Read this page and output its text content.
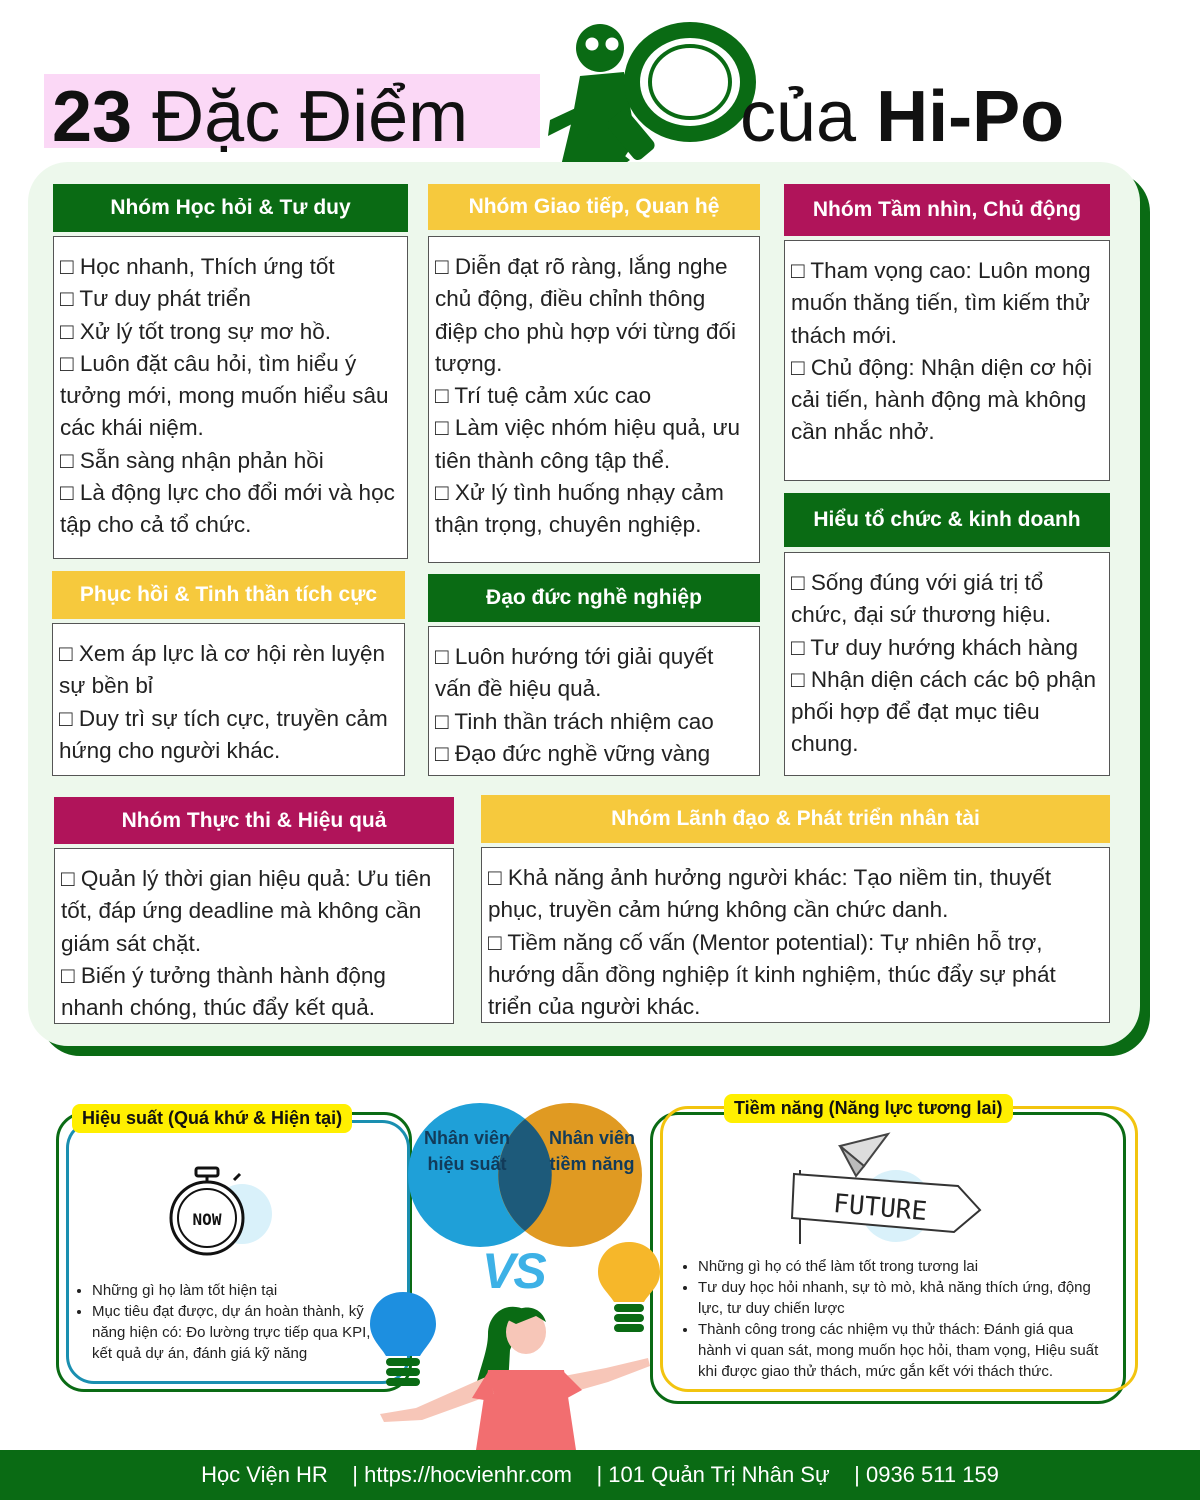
23 Đặc Điểm	của Hi-Po
Nhóm Học hỏi & Tư duy
□ Học nhanh, Thích ứng tốt
□ Tư duy phát triển
□ Xử lý tốt trong sự mơ hồ.
□ Luôn đặt câu hỏi, tìm hiểu ý tưởng mới, mong muốn hiểu sâu các khái niệm.
□ Sẵn sàng nhận phản hồi
□ Là động lực cho đổi mới và học tập cho cả tổ chức.
Nhóm Giao tiếp, Quan hệ
□ Diễn đạt rõ ràng, lắng nghe chủ động, điều chỉnh thông điệp cho phù hợp với từng đối tượng.
□ Trí tuệ cảm xúc cao
□ Làm việc nhóm hiệu quả, ưu tiên thành công tập thể.
□ Xử lý tình huống nhạy cảm thận trọng, chuyên nghiệp.
Nhóm Tầm nhìn, Chủ động
□ Tham vọng cao: Luôn mong muốn thăng tiến, tìm kiếm thử thách mới.
□ Chủ động: Nhận diện cơ hội cải tiến, hành động mà không cần nhắc nhở.
Phục hồi & Tinh thần tích cực
□ Xem áp lực là cơ hội rèn luyện sự bền bỉ
□ Duy trì sự tích cực, truyền cảm hứng cho người khác.
Đạo đức nghề nghiệp
□ Luôn hướng tới giải quyết vấn đề hiệu quả.
□ Tinh thần trách nhiệm cao
□ Đạo đức nghề vững vàng
Hiểu tổ chức & kinh doanh
□ Sống đúng với giá trị tổ chức, đại sứ thương hiệu.
□ Tư duy hướng khách hàng
□ Nhận diện cách các bộ phận phối hợp để đạt mục tiêu chung.
Nhóm Thực thi & Hiệu quả
□ Quản lý thời gian hiệu quả: Ưu tiên tốt, đáp ứng deadline mà không cần giám sát chặt.
□ Biến ý tưởng thành hành động nhanh chóng, thúc đẩy kết quả.
Nhóm Lãnh đạo & Phát triển nhân tài
□ Khả năng ảnh hưởng người khác: Tạo niềm tin, thuyết phục, truyền cảm hứng không cần chức danh.
□ Tiềm năng cố vấn (Mentor potential): Tự nhiên hỗ trợ, hướng dẫn đồng nghiệp ít kinh nghiệm, thúc đẩy sự phát triển của người khác.
Hiệu suất (Quá khứ & Hiện tại)
NOW
• Những gì họ làm tốt hiện tại
• Mục tiêu đạt được, dự án hoàn thành, kỹ năng hiện có: Đo lường trực tiếp qua KPI, kết quả dự án, đánh giá kỹ năng
Tiềm năng (Năng lực tương lai)
FUTURE
• Những gì họ có thể làm tốt trong tương lai
• Tư duy học hỏi nhanh, sự tò mò, khả năng thích ứng, động lực, tư duy chiến lược
• Thành công trong các nhiệm vụ thử thách: Đánh giá qua hành vi quan sát, mong muốn học hỏi, tham vọng, Hiệu suất khi được giao thử thách, mức gắn kết với thách thức.
Nhân viên hiệu suất
Nhân viên tiềm năng
VS
Học Viện HR
| https://hocvienhr.com
| 101 Quản Trị Nhân Sự
| 0936 511 159
